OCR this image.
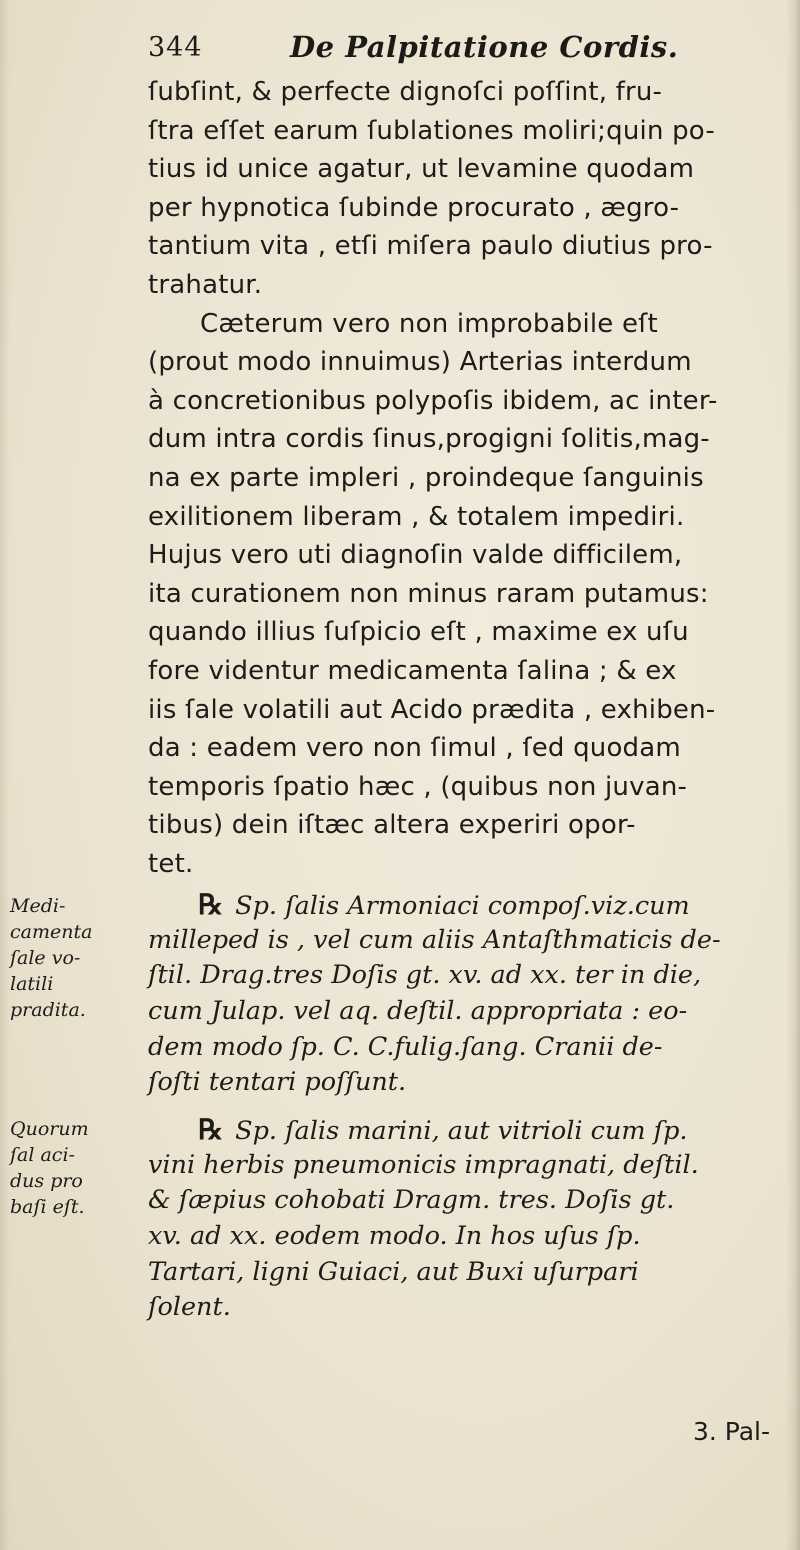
344	De Palpitatione Cordis.
ſubſint, & perfecte dignoſci poſſint, fru-
ſtra eſſet earum ſublationes moliri;quin po-
tius id unice agatur, ut levamine quodam
per hypnotica ſubinde procurato , ægro-
tantium vita , etſi miſera paulo diutius pro-
trahatur.
Cæterum vero non improbabile eſt
(prout modo innuimus) Arterias interdum
à concretionibus polypoſis ibidem, ac inter-
dum intra cordis ſinus,progigni ſolitis,mag-
na ex parte impleri , proindeque ſanguinis
exilitionem liberam , & totalem impediri.
Hujus vero uti diagnoſin valde difficilem,
ita curationem non minus raram putamus:
quando illius ſuſpicio eſt , maxime ex uſu
fore videntur medicamenta ſalina ; & ex
iis ſale volatili aut Acido prædita , exhiben-
da : eadem vero non ſimul , ſed quodam
temporis ſpatio hæc , (quibus non juvan-
tibus) dein iſtæc altera experiri opor-
tet.
℞ Sp. ſalis Armoniaci compoſ.viz.cum
milleped is , vel cum aliis Antaſthmaticis de-
ſtil. Drag.tres Doſis gt. xv. ad xx. ter in die,
cum Julap. vel aq. deſtil. appropriata : eo-
dem modo ſp. C. C.fulig.ſang. Cranii de-
ſoſti tentari poſſunt.
℞ Sp. ſalis marini, aut vitrioli cum ſp.
vini herbis pneumonicis impragnati, deſtil.
& ſæpius cohobati Dragm. tres. Doſis gt.
xv. ad xx. eodem modo. In hos uſus ſp.
Tartari, ligni Guiaci, aut Buxi uſurpari
ſolent.
Medi-
camenta
ſale vo-
latili
pradita.
Quorum
ſal aci-
dus pro
baſi eſt.
3. Pal-
